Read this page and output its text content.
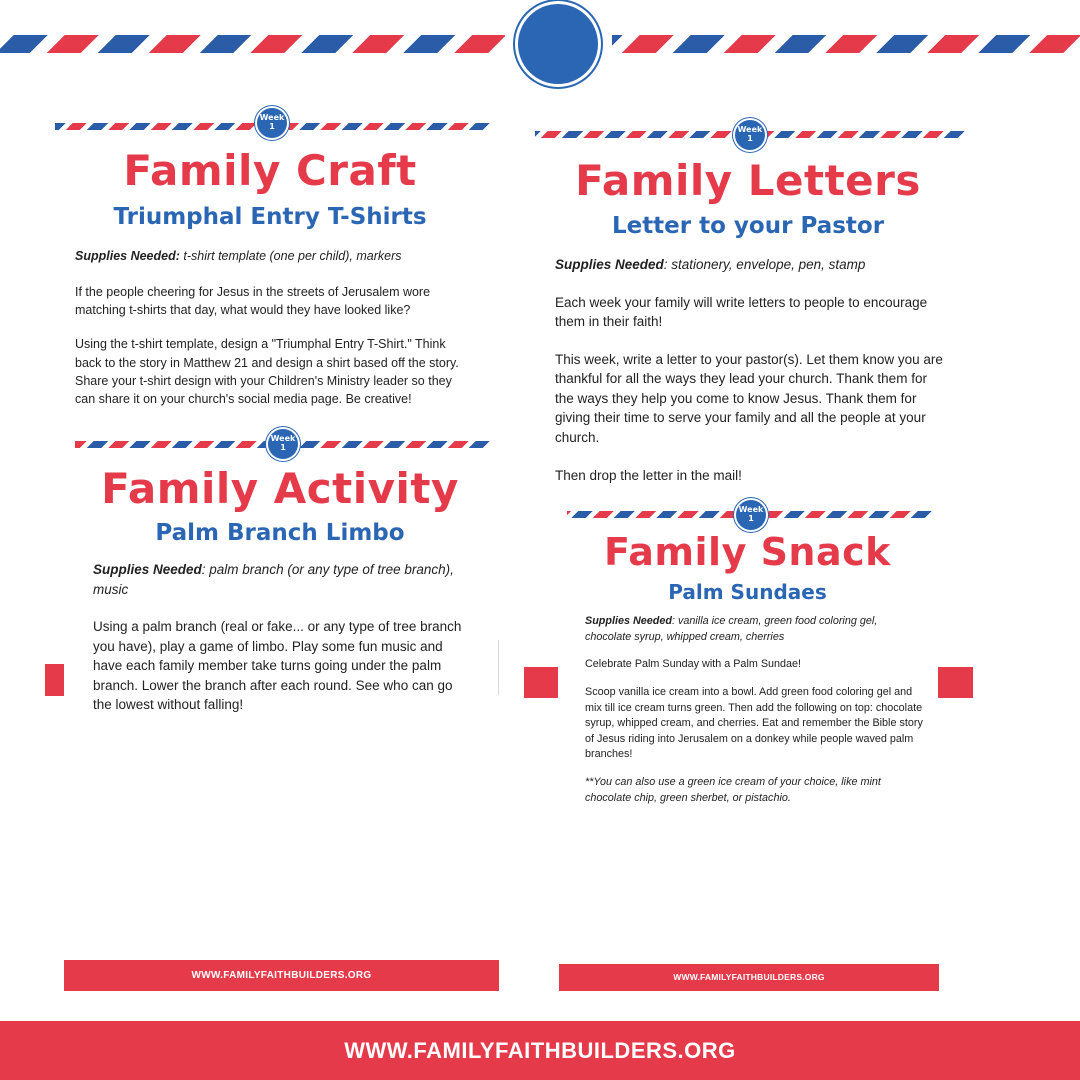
Week
1
Family Craft
Triumphal Entry T-Shirts

Supplies Needed: t-shirt template (one per child), markers

If the people cheering for Jesus in the streets of Jerusalem wore matching t-shirts that day, what would they have looked like?

Using the t-shirt template, design a "Triumphal Entry T-Shirt." Think back to the story in Matthew 21 and design a shirt based off the story. Share your t-shirt design with your Children's Ministry leader so they can share it on your church's social media page. Be creative!

Week
1
Family Activity
Palm Branch Limbo

Supplies Needed: palm branch (or any type of tree branch), music

Using a palm branch (real or fake... or any type of tree branch you have), play a game of limbo. Play some fun music and have each family member take turns going under the palm branch. Lower the branch after each round. See who can go the lowest without falling!

Week
1
Family Letters
Letter to your Pastor

Supplies Needed: stationery, envelope, pen, stamp

Each week your family will write letters to people to encourage them in their faith!

This week, write a letter to your pastor(s). Let them know you are thankful for all the ways they lead your church. Thank them for the ways they help you come to know Jesus. Thank them for giving their time to serve your family and all the people at your church.

Then drop the letter in the mail!

Week
1
Family Snack
Palm Sundaes

Supplies Needed: vanilla ice cream, green food coloring gel, chocolate syrup, whipped cream, cherries

Celebrate Palm Sunday with a Palm Sundae!

Scoop vanilla ice cream into a bowl. Add green food coloring gel and mix till ice cream turns green. Then add the following on top: chocolate syrup, whipped cream, and cherries. Eat and remember the Bible story of Jesus riding into Jerusalem on a donkey while people waved palm branches!

**You can also use a green ice cream of your choice, like mint chocolate chip, green sherbet, or pistachio.

WWW.FAMILYFAITHBUILDERS.ORG	WWW.FAMILYFAITHBUILDERS.ORG
WWW.FAMILYFAITHBUILDERS.ORG
